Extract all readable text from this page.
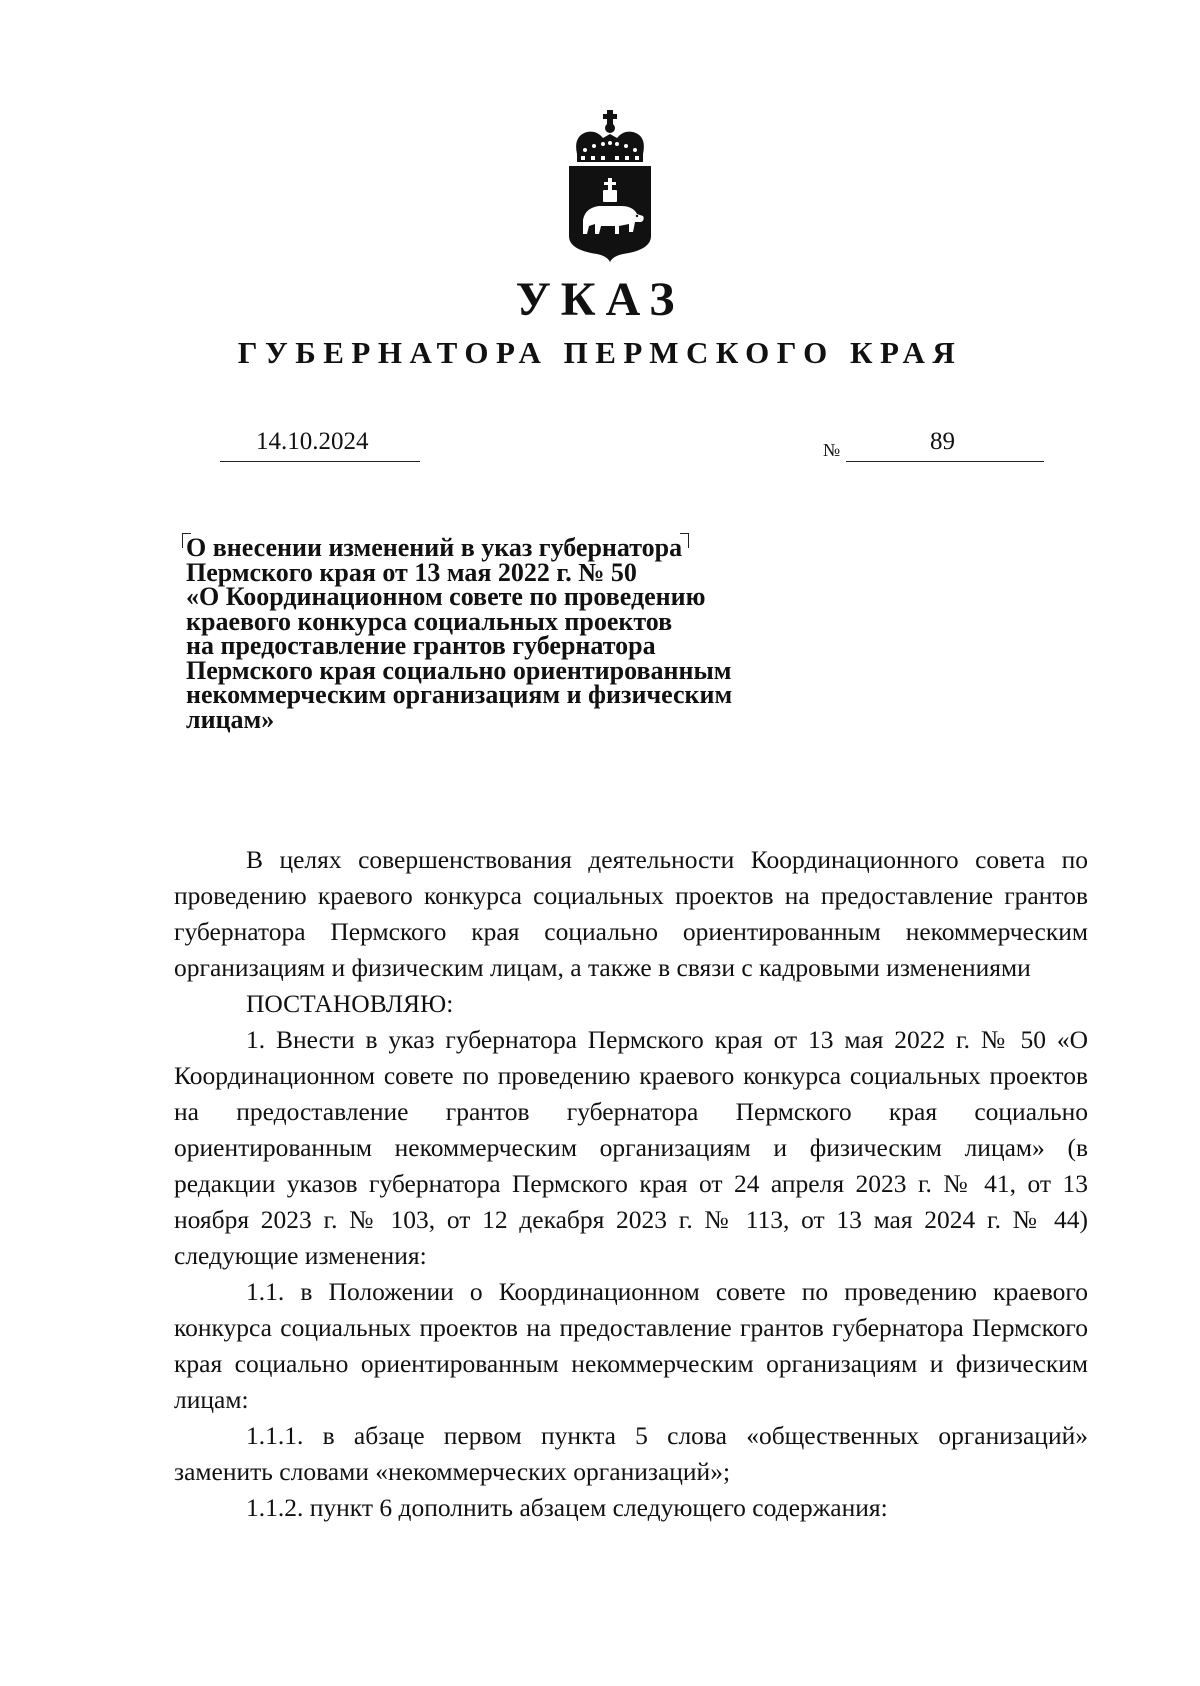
УКАЗ
ГУБЕРНАТОРА ПЕРМСКОГО КРАЯ
14.10.2024	№	89
О внесении изменений в указ губернатора
Пермского края от 13 мая 2022 г. № 50
«О Координационном совете по проведению
краевого конкурса социальных проектов
на предоставление грантов губернатора
Пермского края социально ориентированным
некоммерческим организациям и физическим
лицам»

В целях совершенствования деятельности Координационного совета по проведению краевого конкурса социальных проектов на предоставление грантов губернатора Пермского края социально ориентированным некоммерческим организациям и физическим лицам, а также в связи с кадровыми изменениями

ПОСТАНОВЛЯЮ:

1. Внести в указ губернатора Пермского края от 13 мая 2022 г. № 50 «О Координационном совете по проведению краевого конкурса социальных проектов на предоставление грантов губернатора Пермского края социально ориентированным некоммерческим организациям и физическим лицам» (в редакции указов губернатора Пермского края от 24 апреля 2023 г. № 41, от 13 ноября 2023 г. № 103, от 12 декабря 2023 г. № 113, от 13 мая 2024 г. № 44) следующие изменения:

1.1. в Положении о Координационном совете по проведению краевого конкурса социальных проектов на предоставление грантов губернатора Пермского края социально ориентированным некоммерческим организациям и физическим лицам:

1.1.1. в абзаце первом пункта 5 слова «общественных организаций» заменить словами «некоммерческих организаций»;

1.1.2. пункт 6 дополнить абзацем следующего содержания:
